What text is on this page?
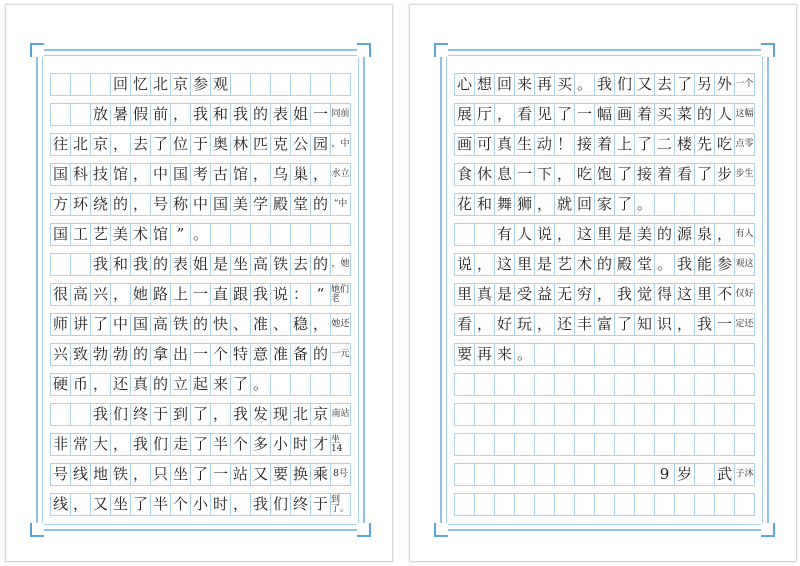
回 忆 北 京 参 观
放 暑 假 前 ， 我 和 我 的 表 姐 一 同前
往 北 京 ， 去 了 位 于 奥 林 匹 克 公 园 ，中
国 科 技 馆 ， 中 国 考 古 馆 ， 乌 巢 ， 水立
方 环 绕 的 ， 号 称 中 国 美 学 殿 堂 的 “中
国 工 艺 美 术 馆 ” 。
我 和 我 的 表 姐 是 坐 高 铁 去 的 ，她
很 高 兴 ， 她 路 上 一 直 跟 我 说 ： “ 她们老
师 讲 了 中 国 高 铁 的 快 、 准 、 稳 ， 她还
兴 致 勃 勃 的 拿 出 一 个 特 意 准 备 的 一元
硬 币 ， 还 真 的 立 起 来 了 。
我 们 终 于 到 了 ， 我 发 现 北 京 南站
非 常 大 ， 我 们 走 了 半 个 多 小 时 才 坐14
号 线 地 铁 ， 只 坐 了 一 站 又 要 换 乘 8号
线 ， 又 坐 了 半 个 小 时 ， 我 们 终 于 到了。
心 想 回 来 再 买 。 我 们 又 去 了 另 外 一个
展 厅 ， 看 见 了 一 幅 画 着 买 菜 的 人 这幅
画 可 真 生 动 ！ 接 着 上 了 二 楼 先 吃 点零
食 休 息 一 下 ， 吃 饱 了 接 着 看 了 步 步生
花 和 舞 狮 ， 就 回 家 了 。
有 人 说 ， 这 里 是 美 的 源 泉 ， 有人
说 ， 这 里 是 艺 术 的 殿 堂 。 我 能 参 观这
里 真 是 受 益 无 穷 ， 我 觉 得 这 里 不 仅好
看 ， 好 玩 ， 还 丰 富 了 知 识 ， 我 一 定还
要 再 来 。
9 岁 武 子沐
